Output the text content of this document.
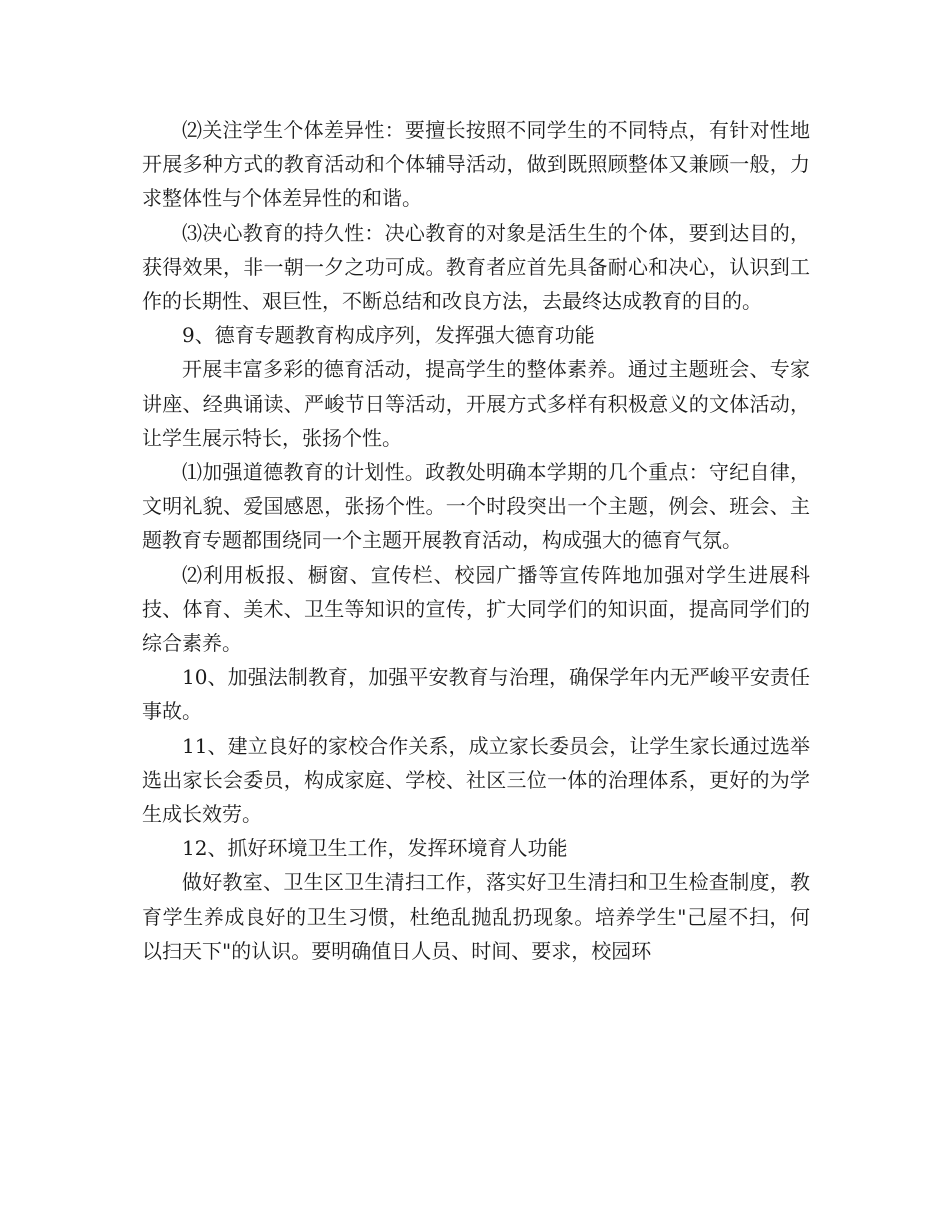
⑵关注学生个体差异性：要擅长按照不同学生的不同特点，有针对性地开展多种方式的教育活动和个体辅导活动，做到既照顾整体又兼顾一般，力求整体性与个体差异性的和谐。

⑶决心教育的持久性：决心教育的对象是活生生的个体，要到达目的，获得效果，非一朝一夕之功可成。教育者应首先具备耐心和决心，认识到工作的长期性、艰巨性，不断总结和改良方法，去最终达成教育的目的。

9、德育专题教育构成序列，发挥强大德育功能

开展丰富多彩的德育活动，提高学生的整体素养。通过主题班会、专家讲座、经典诵读、严峻节日等活动，开展方式多样有积极意义的文体活动，让学生展示特长，张扬个性。

⑴加强道德教育的计划性。政教处明确本学期的几个重点：守纪自律，文明礼貌、爱国感恩，张扬个性。一个时段突出一个主题，例会、班会、主题教育专题都围绕同一个主题开展教育活动，构成强大的德育气氛。

⑵利用板报、橱窗、宣传栏、校园广播等宣传阵地加强对学生进展科技、体育、美术、卫生等知识的宣传，扩大同学们的知识面，提高同学们的综合素养。

10、加强法制教育，加强平安教育与治理，确保学年内无严峻平安责任事故。

11、建立良好的家校合作关系，成立家长委员会，让学生家长通过选举选出家长会委员，构成家庭、学校、社区三位一体的治理体系，更好的为学生成长效劳。

12、抓好环境卫生工作，发挥环境育人功能

做好教室、卫生区卫生清扫工作，落实好卫生清扫和卫生检查制度，教育学生养成良好的卫生习惯，杜绝乱抛乱扔现象。培养学生"己屋不扫，何以扫天下"的认识。要明确值日人员、时间、要求，校园环
